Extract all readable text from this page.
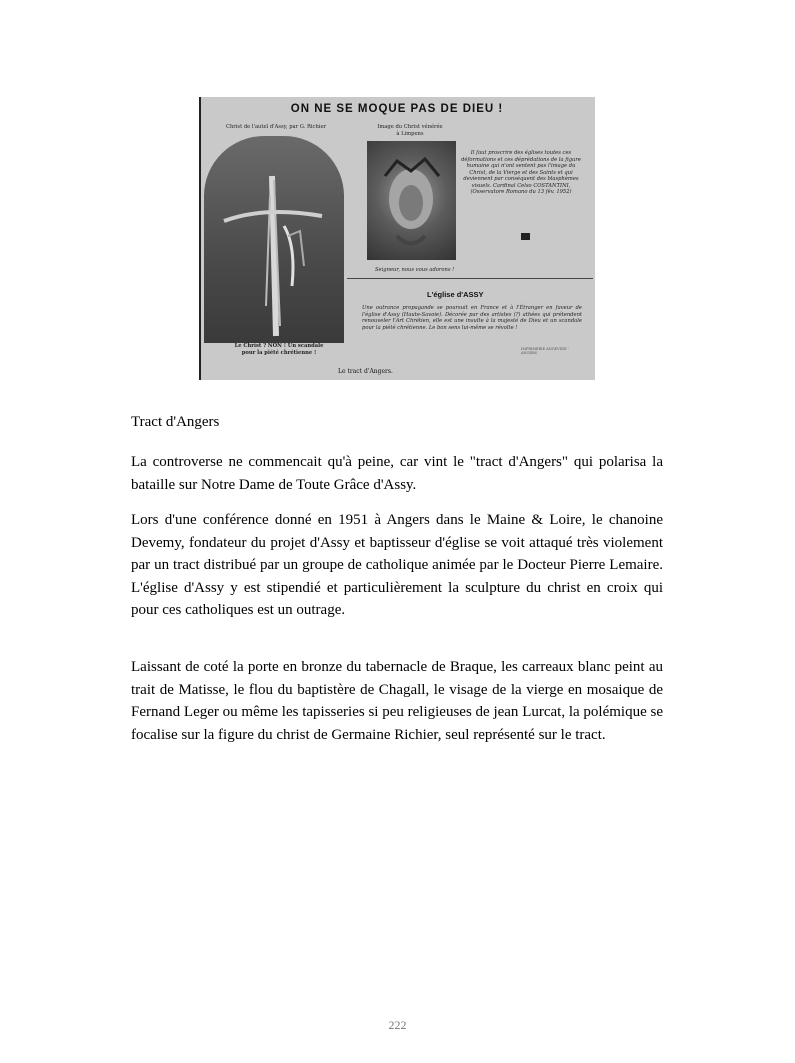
ON NE SE MOQUE PAS DE DIEU !
Christ de l'autel d'Assy, par G. Richier	Image du Christ vénérée à Limpens
Il faut proscrire des églises toutes ces déformations et ces déprédations de la figure humaine qui n'ont sentent pas l'image du Christ, de la Vierge et des Saints et qui deviennent par conséquent des blasphèmes visuels. Cardinal Celso COSTANTINI, (Osservatore Romano du 13 fév. 1952)
Seigneur, nous vous adorons !
L'église d'ASSY
Une outrance propagande se poursuit en France et à l'Étranger en faveur de l'église d'Assy (Haute-Savoie). Décorée par des artistes (?) athées qui prétendent renouveler l'Art Chrétien, elle est une insulte à la majesté de Dieu et un scandale pour la piété chrétienne. Le bon sens lui-même se révolte !
Le Christ ? NON ! Un scandale pour la piété chrétienne !
IMPRIMERIE ANGEVINE - ANGERS
Le tract d'Angers.
Tract d'Angers
La controverse ne commencait qu'à peine, car vint le "tract d'Angers" qui polarisa la bataille sur Notre Dame de Toute Grâce d'Assy.
Lors d'une conférence donné en 1951 à Angers dans le Maine & Loire, le chanoine Devemy, fondateur du projet d'Assy et baptisseur d'église se voit attaqué très violement par un tract distribué par un groupe de catholique animée par le Docteur Pierre Lemaire. L'église d'Assy y est stipendié et particulièrement la sculpture du christ en croix qui pour ces catholiques est un outrage.
Laissant de coté la porte en bronze du tabernacle de Braque, les carreaux blanc peint au trait de Matisse, le flou du baptistère de Chagall, le visage de la vierge en mosaique de Fernand Leger ou même les tapisseries si peu religieuses de jean Lurcat, la polémique se focalise sur la figure du christ de Germaine Richier, seul représenté sur le tract.
222
